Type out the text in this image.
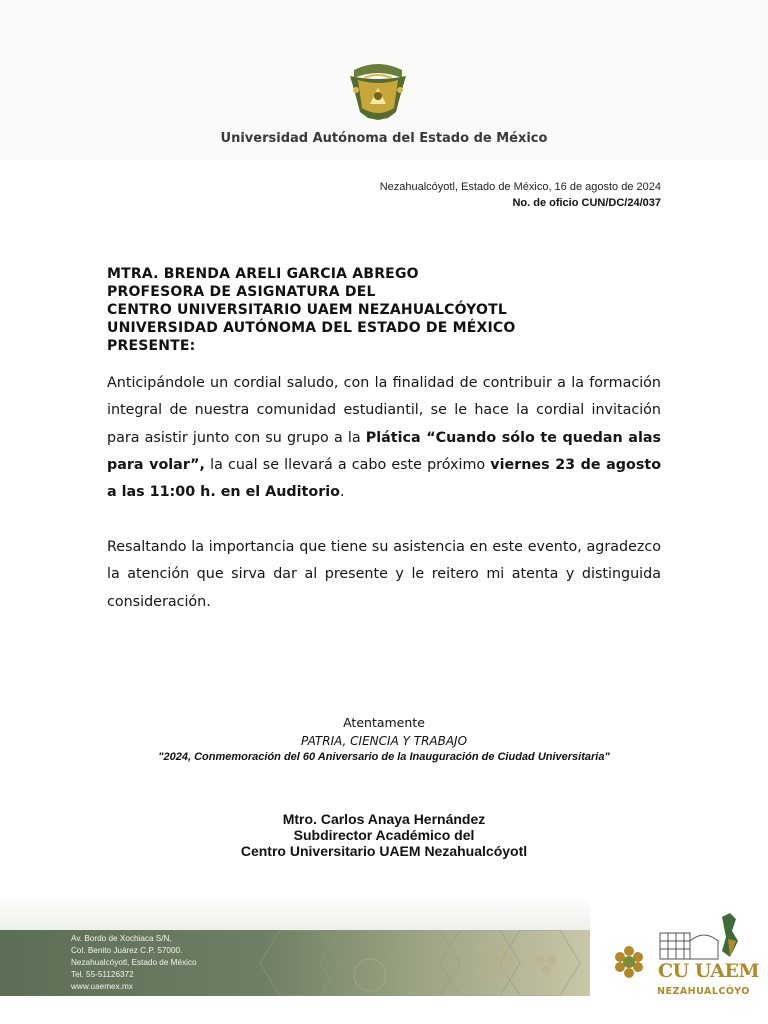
Universidad Autónoma del Estado de México
Nezahualcóyotl, Estado de México, 16 de agosto de 2024
No. de oficio CUN/DC/24/037
MTRA. BRENDA ARELI GARCIA ABREGO
PROFESORA DE ASIGNATURA DEL
CENTRO UNIVERSITARIO UAEM NEZAHUALCÓYOTL
UNIVERSIDAD AUTÓNOMA DEL ESTADO DE MÉXICO
PRESENTE:
Anticipándole un cordial saludo, con la finalidad de contribuir a la formación integral de nuestra comunidad estudiantil, se le hace la cordial invitación para asistir junto con su grupo a la Plática “Cuando sólo te quedan alas para volar”, la cual se llevará a cabo este próximo viernes 23 de agosto a las 11:00 h. en el Auditorio.
Resaltando la importancia que tiene su asistencia en este evento, agradezco la atención que sirva dar al presente y le reitero mi atenta y distinguida consideración.
Atentamente
PATRIA, CIENCIA Y TRABAJO
"2024, Conmemoración del 60 Aniversario de la Inauguración de Ciudad Universitaria"
Mtro. Carlos Anaya Hernández
Subdirector Académico del
Centro Universitario UAEM Nezahualcóyotl
Av. Bordo de Xochiaca S/N,
Col. Benito Juárez C.P. 57000.
Nezahualcóyotl, Estado de México
Tel. 55-51126372
www.uaemex.mx
CU UAEM
NEZAHUALCÓYO
